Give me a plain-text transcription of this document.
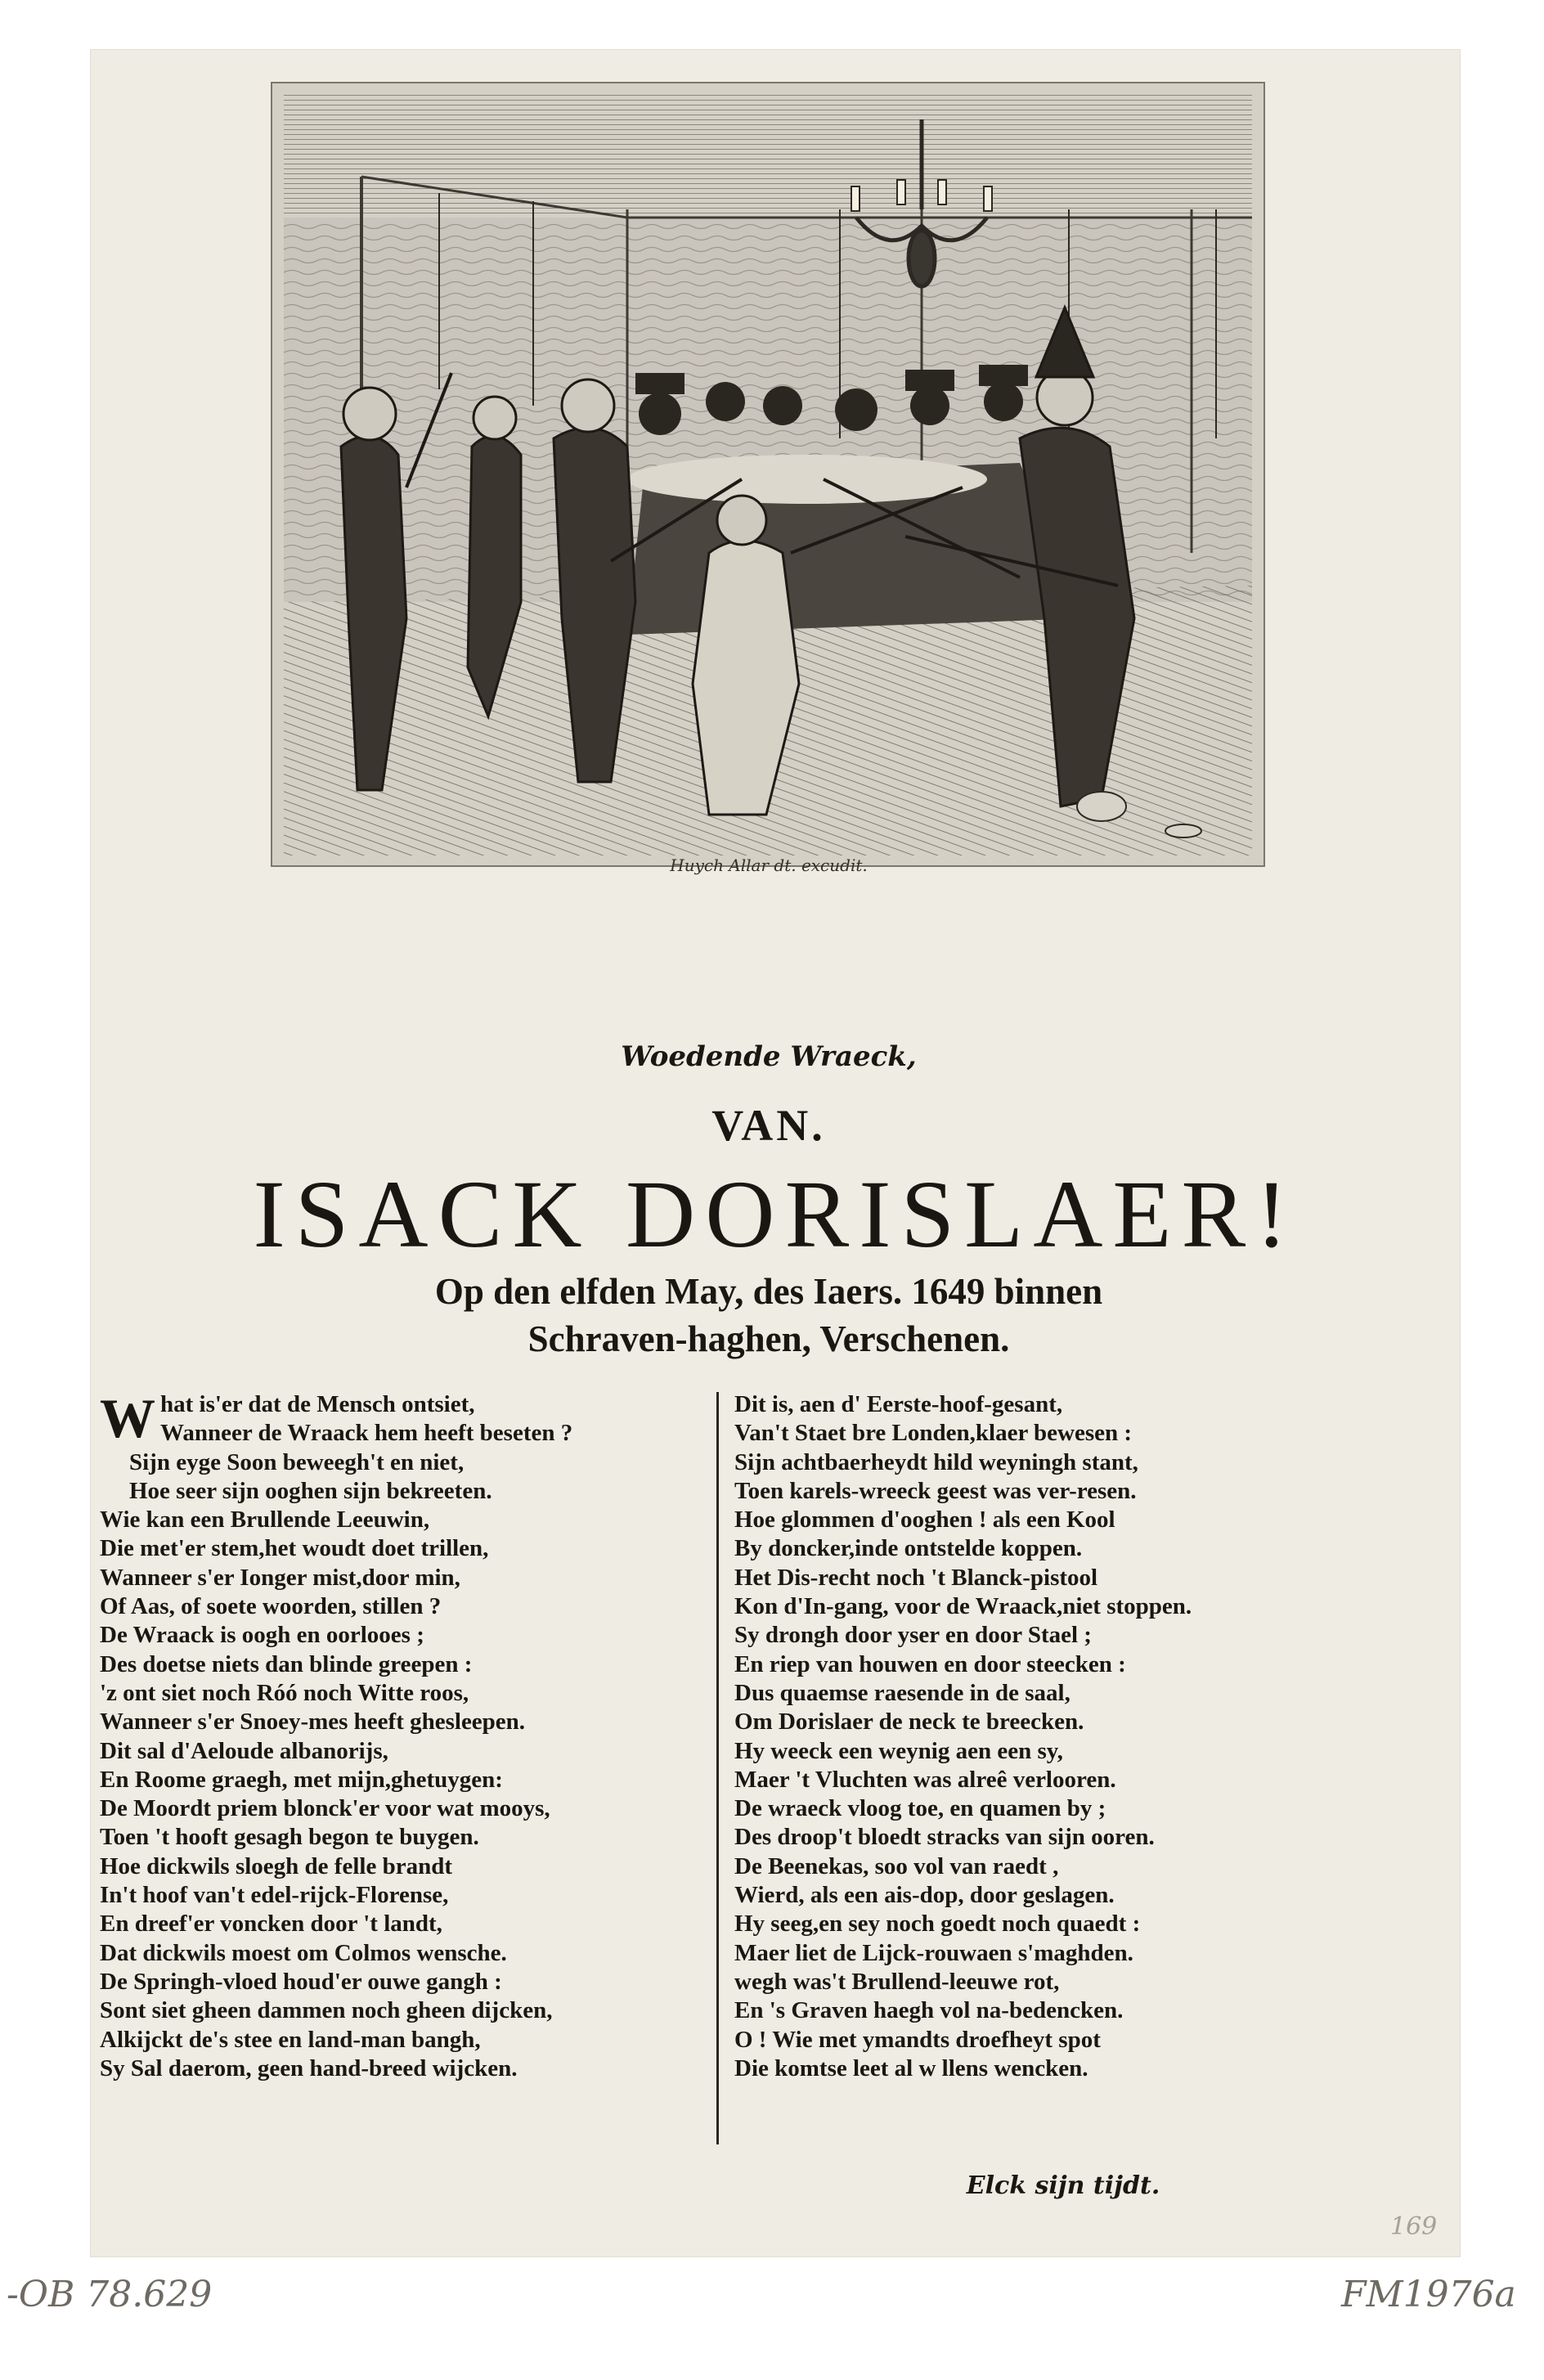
Huych Allar dt. excudit.
Woedende Wraeck,
VAN.
ISACK DORISLAER!
Op den elfden May, des Iaers. 1649 binnen
Schraven-haghen, Verschenen.
What is'er dat de Mensch ontsiet,
Wanneer de Wraack hem heeft beseten ?
Sijn eyge Soon beweegh't en niet,
Hoe seer sijn ooghen sijn bekreeten.
Wie kan een Brullende Leeuwin,
Die met'er stem,het woudt doet trillen,
Wanneer s'er Ionger mist,door min,
Of Aas, of soete woorden, stillen ?
De Wraack is oogh en oorlooes ;
Des doetse niets dan blinde greepen :
'z ont siet noch Róó noch Witte roos,
Wanneer s'er Snoey-mes heeft ghesleepen.
Dit sal d'Aeloude albanorijs,
En Roome graegh, met mijn,ghetuygen:
De Moordt priem blonck'er voor wat mooys,
Toen 't hooft gesagh begon te buygen.
Hoe dickwils sloegh de felle brandt
In't hoof van't edel-rijck-Florense,
En dreef'er voncken door 't landt,
Dat dickwils moest om Colmos wensche.
De Springh-vloed houd'er ouwe gangh :
Sont siet gheen dammen noch gheen dijcken,
Alkijckt de's stee en land-man bangh,
Sy Sal daerom, geen hand-breed wijcken.
Dit is, aen d' Eerste-hoof-gesant,
Van't Staet bre Londen,klaer bewesen :
Sijn achtbaerheydt hild weyningh stant,
Toen karels-wreeck geest was ver-resen.
Hoe glommen d'ooghen ! als een Kool
By doncker,inde ontstelde koppen.
Het Dis-recht noch 't Blanck-pistool
Kon d'In-gang, voor de Wraack,niet stoppen.
Sy drongh door yser en door Stael ;
En riep van houwen en door steecken :
Dus quaemse raesende in de saal,
Om Dorislaer de neck te breecken.
Hy weeck een weynig aen een sy,
Maer 't Vluchten was alreê verlooren.
De wraeck vloog toe, en quamen by ;
Des droop't bloedt stracks van sijn ooren.
De Beenekas, soo vol van raedt ,
Wierd, als een ais-dop, door geslagen.
Hy seeg,en sey noch goedt noch quaedt :
Maer liet de Lijck-rouwaen s'maghden.
wegh was't Brullend-leeuwe rot,
En 's Graven haegh vol na-bedencken.
O ! Wie met ymandts droefheyt spot
Die komtse leet al w llens wencken.
Elck sijn tijdt.
-OB 78.629
169
FM1976a
